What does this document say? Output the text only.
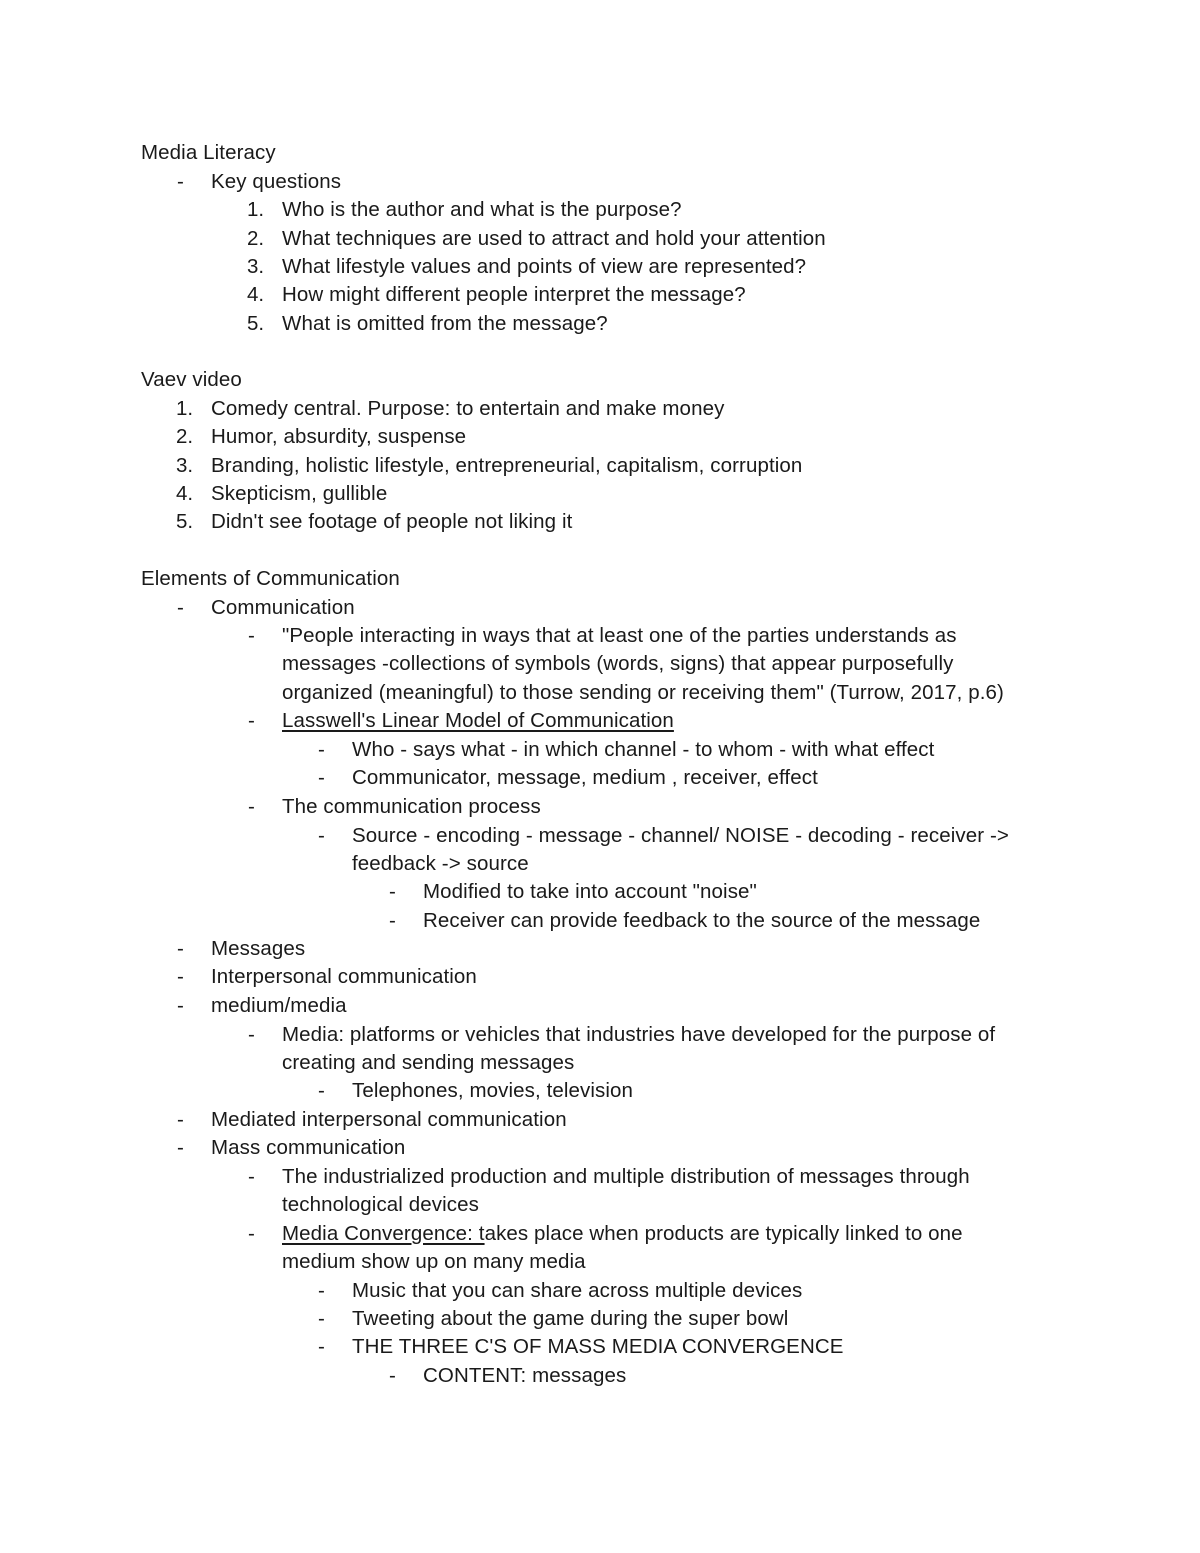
Media Literacy
- Key questions
1. Who is the author and what is the purpose?
2. What techniques are used to attract and hold your attention
3. What lifestyle values and points of view are represented?
4. How might different people interpret the message?
5. What is omitted from the message?
Vaev video
1. Comedy central. Purpose: to entertain and make money
2. Humor, absurdity, suspense
3. Branding, holistic lifestyle, entrepreneurial, capitalism, corruption
4. Skepticism, gullible
5. Didn't see footage of people not liking it
Elements of Communication
- Communication
- "People interacting in ways that at least one of the parties understands as
messages -collections of symbols (words, signs) that appear purposefully
organized (meaningful) to those sending or receiving them" (Turrow, 2017, p.6)
- Lasswell's Linear Model of Communication
- Who - says what - in which channel - to whom - with what effect
- Communicator, message, medium , receiver, effect
- The communication process
- Source - encoding - message - channel/ NOISE - decoding - receiver ->
feedback -> source
- Modified to take into account "noise"
- Receiver can provide feedback to the source of the message
- Messages
- Interpersonal communication
- medium/media
- Media: platforms or vehicles that industries have developed for the purpose of
creating and sending messages
- Telephones, movies, television
- Mediated interpersonal communication
- Mass communication
- The industrialized production and multiple distribution of messages through
technological devices
- Media Convergence: takes place when products are typically linked to one
medium show up on many media
- Music that you can share across multiple devices
- Tweeting about the game during the super bowl
- THE THREE C'S OF MASS MEDIA CONVERGENCE
- CONTENT: messages
